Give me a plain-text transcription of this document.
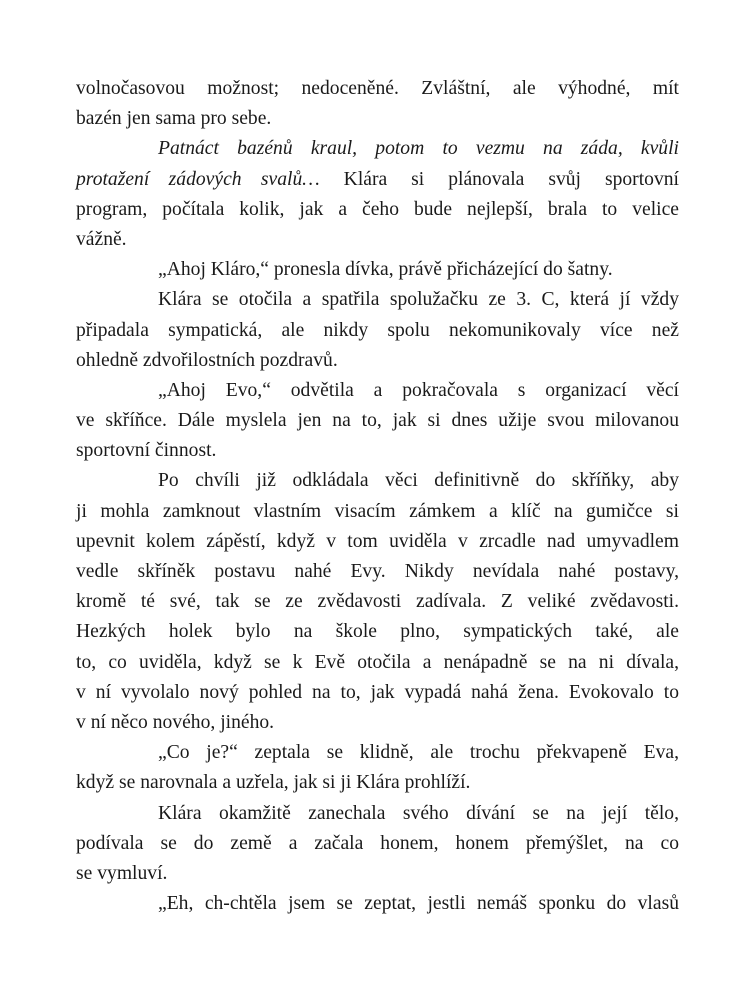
volnočasovou možnost; nedoceněné. Zvláštní, ale výhodné, mít
bazén jen sama pro sebe.
Patnáct bazénů kraul, potom to vezmu na záda, kvůli
protažení zádových svalů… Klára si plánovala svůj sportovní
program, počítala kolik, jak a čeho bude nejlepší, brala to velice
vážně.
„Ahoj Kláro,“ pronesla dívka, právě přicházející do šatny.
Klára se otočila a spatřila spolužačku ze 3. C, která jí vždy
připadala sympatická, ale nikdy spolu nekomunikovaly více než
ohledně zdvořilostních pozdravů.
„Ahoj Evo,“ odvětila a pokračovala s organizací věcí
ve skříňce. Dále myslela jen na to, jak si dnes užije svou milovanou
sportovní činnost.
Po chvíli již odkládala věci definitivně do skříňky, aby
ji mohla zamknout vlastním visacím zámkem a klíč na gumičce si
upevnit kolem zápěstí, když v tom uviděla v zrcadle nad umyvadlem
vedle skříněk postavu nahé Evy. Nikdy nevídala nahé postavy,
kromě té své, tak se ze zvědavosti zadívala. Z veliké zvědavosti.
Hezkých holek bylo na škole plno, sympatických také, ale
to, co uviděla, když se k Evě otočila a nenápadně se na ni dívala,
v ní vyvolalo nový pohled na to, jak vypadá nahá žena. Evokovalo to
v ní něco nového, jiného.
„Co je?“ zeptala se klidně, ale trochu překvapeně Eva,
když se narovnala a uzřela, jak si ji Klára prohlíží.
Klára okamžitě zanechala svého dívání se na její tělo,
podívala se do země a začala honem, honem přemýšlet, na co
se vymluví.
„Eh, ch-chtěla jsem se zeptat, jestli nemáš sponku do vlasů
